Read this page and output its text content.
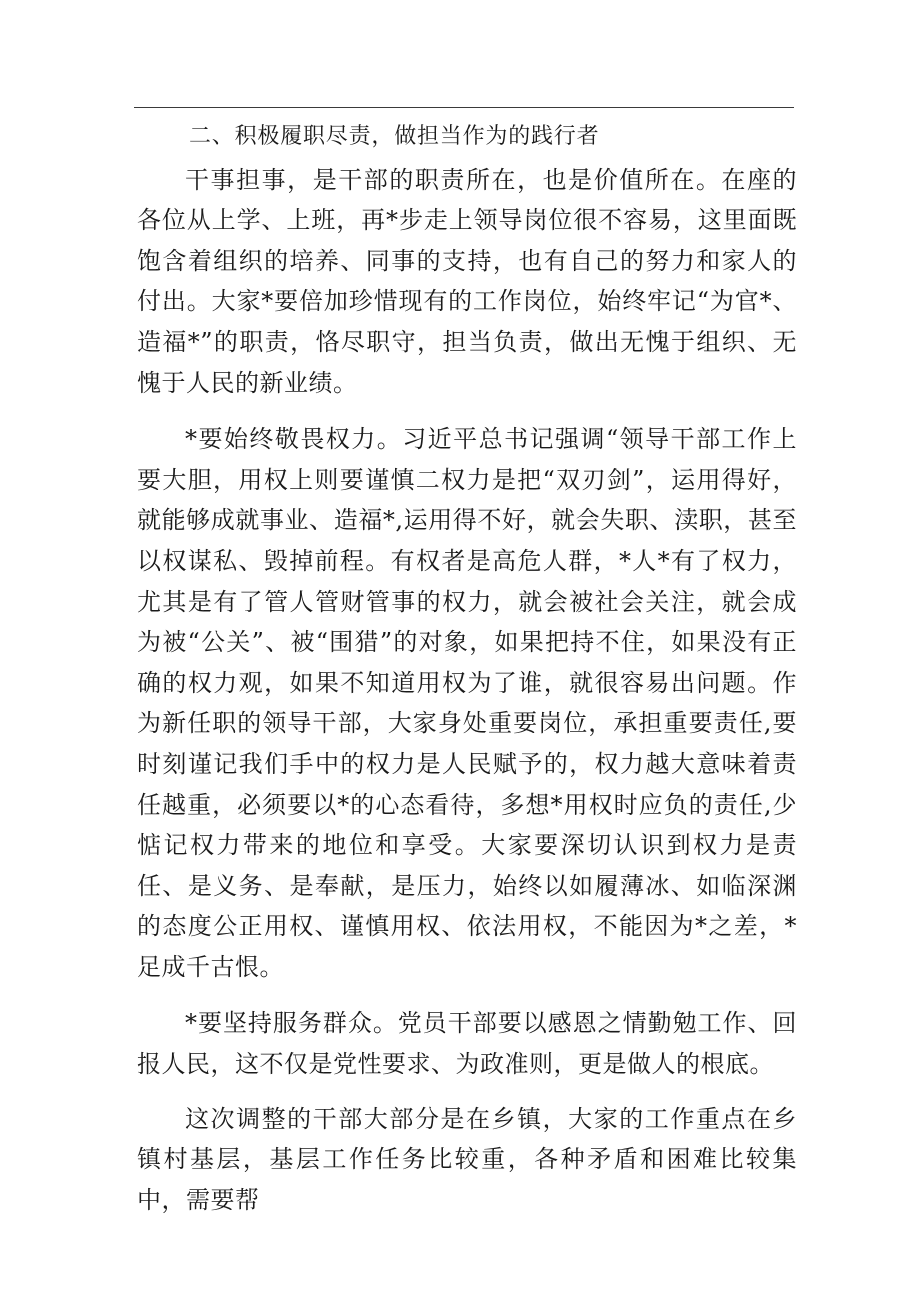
二、积极履职尽责，做担当作为的践行者

干事担事，是干部的职责所在，也是价值所在。在座的各位从上学、上班，再*步走上领导岗位很不容易，这里面既饱含着组织的培养、同事的支持，也有自己的努力和家人的付出。大家*要倍加珍惜现有的工作岗位，始终牢记“为官*、造福*”的职责，恪尽职守，担当负责，做出无愧于组织、无愧于人民的新业绩。

*要始终敬畏权力。习近平总书记强调“领导干部工作上要大胆，用权上则要谨慎二权力是把“双刃剑”，运用得好，就能够成就事业、造福*,运用得不好，就会失职、渎职，甚至以权谋私、毁掉前程。有权者是高危人群，*人*有了权力，尤其是有了管人管财管事的权力，就会被社会关注，就会成为被“公关”、被“围猎”的对象，如果把持不住，如果没有正确的权力观，如果不知道用权为了谁，就很容易出问题。作为新任职的领导干部，大家身处重要岗位，承担重要责任,要时刻谨记我们手中的权力是人民赋予的，权力越大意味着责任越重，必须要以*的心态看待，多想*用权时应负的责任,少惦记权力带来的地位和享受。大家要深切认识到权力是责任、是义务、是奉献，是压力，始终以如履薄冰、如临深渊的态度公正用权、谨慎用权、依法用权，不能因为*之差，*足成千古恨。

*要坚持服务群众。党员干部要以感恩之情勤勉工作、回报人民，这不仅是党性要求、为政准则，更是做人的根底。

这次调整的干部大部分是在乡镇，大家的工作重点在乡镇村基层，基层工作任务比较重，各种矛盾和困难比较集中，需要帮
